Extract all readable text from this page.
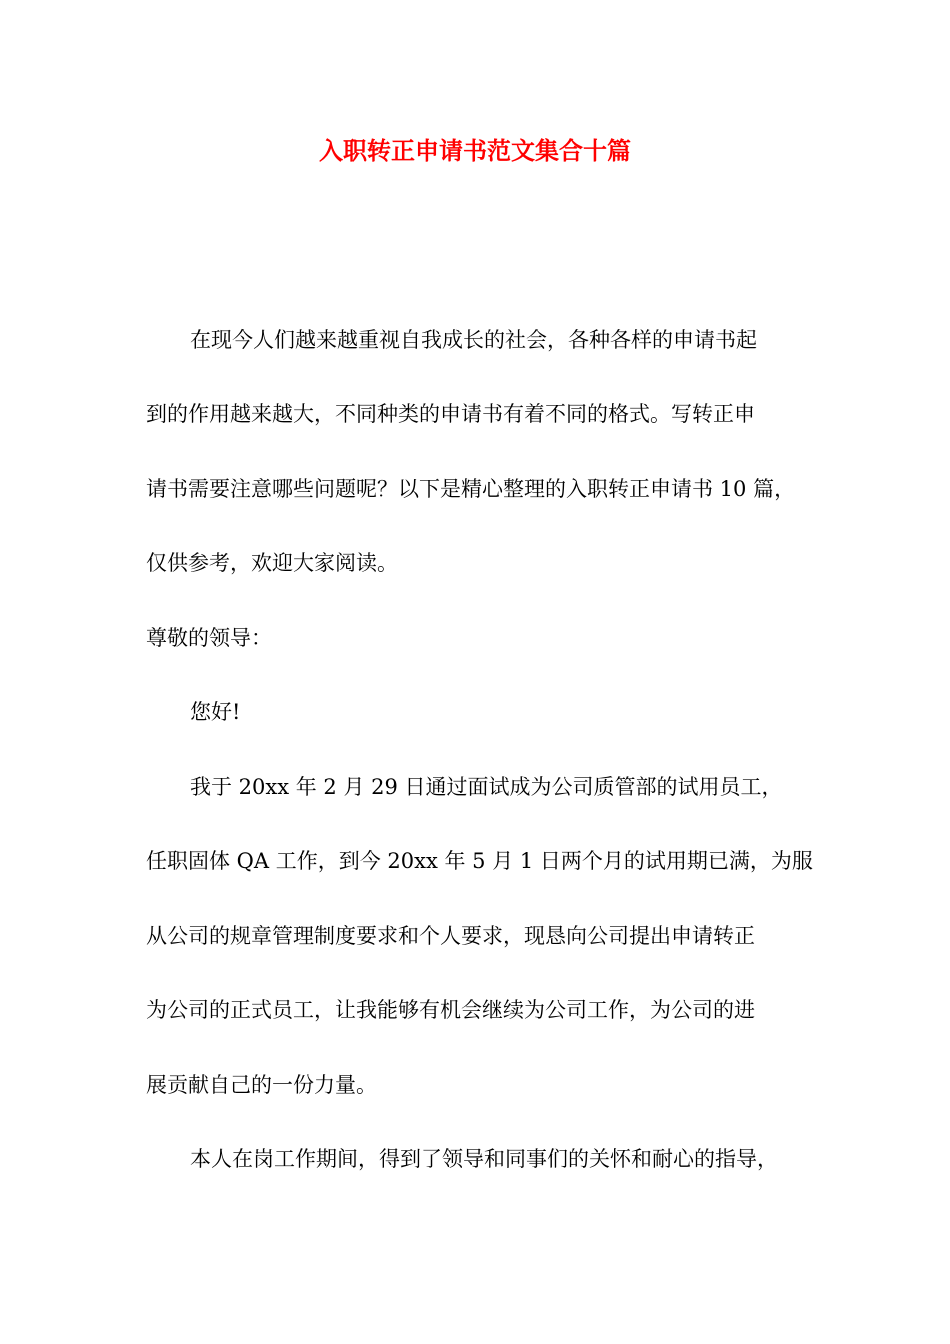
入职转正申请书范文集合十篇

在现今人们越来越重视自我成长的社会，各种各样的申请书起

到的作用越来越大，不同种类的申请书有着不同的格式。写转正申

请书需要注意哪些问题呢？以下是精心整理的入职转正申请书 10 篇，

仅供参考，欢迎大家阅读。

尊敬的领导：

您好!

我于 20xx 年 2 月 29 日通过面试成为公司质管部的试用员工，

任职固体 QA 工作，到今 20xx 年 5 月 1 日两个月的试用期已满，为服

从公司的规章管理制度要求和个人要求，现恳向公司提出申请转正

为公司的正式员工，让我能够有机会继续为公司工作，为公司的进

展贡献自己的一份力量。

本人在岗工作期间，得到了领导和同事们的关怀和耐心的指导，
